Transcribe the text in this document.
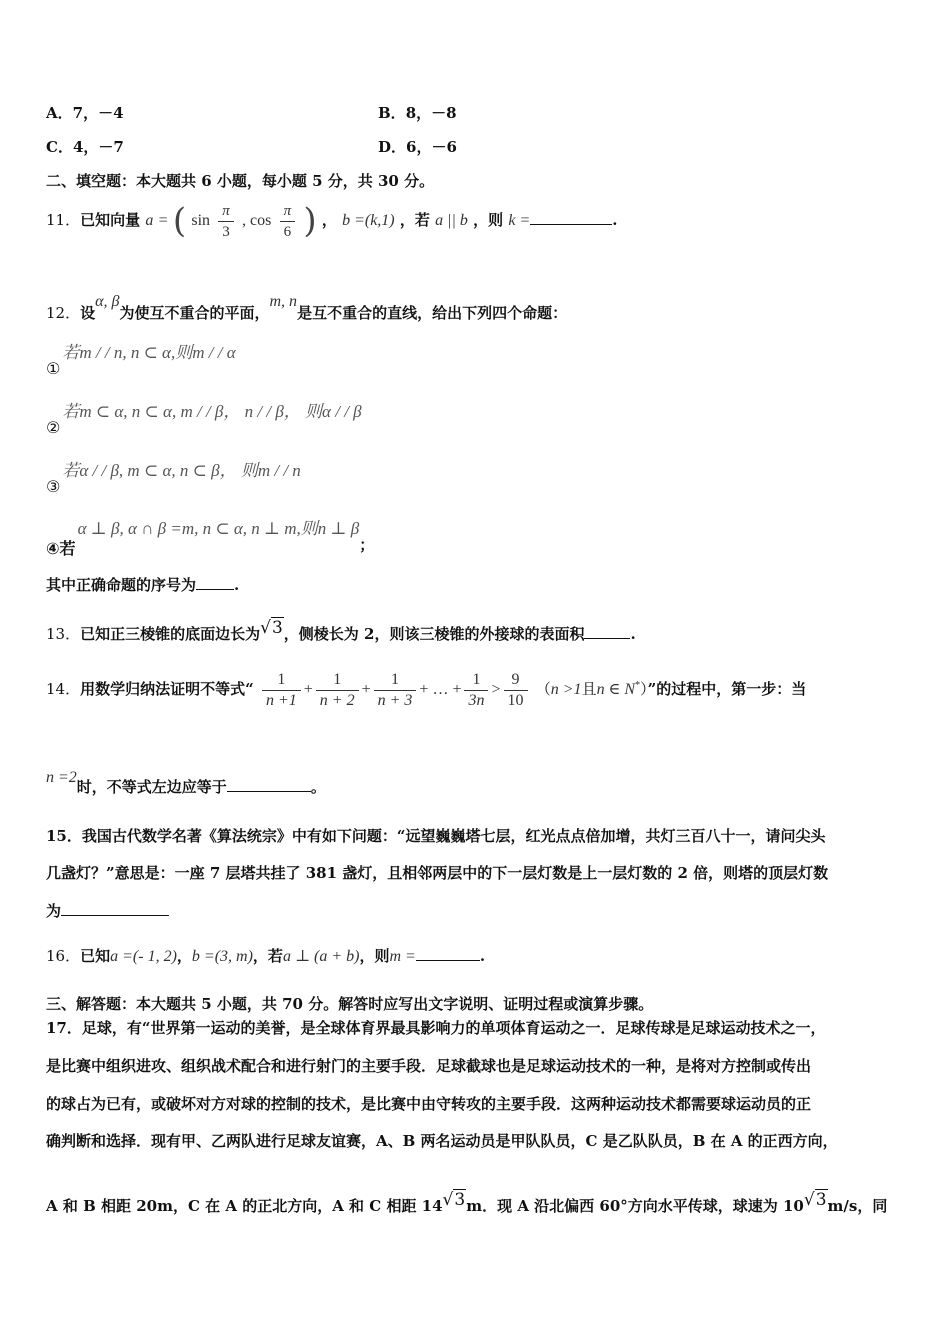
A．7，－4	B．8，－8
C．4，－7	D．6，－6
二、填空题：本大题共 6 小题，每小题 5 分，共 30 分。
11．已知向量 a = ( $\sin \frac{\pi}{3}$ , $\cos \frac{\pi}{6}$ ) ， b =(k,1) ，若 a || b ，则 k =	.
12．设α, β为使互不重合的平面，m, n是互不重合的直线，给出下列四个命题：
①若m / / n, n ⊂ α,则m / / α
②若m ⊂ α, n ⊂ α, m / / β， n / / β， 则α / / β
③若α / / β, m ⊂ α, n ⊂ β， 则m / / n
④若α ⊥ β, α ∩ β =m, n ⊂ α, n ⊥ m,则n ⊥ β；
其中正确命题的序号为	.
13．已知正三棱锥的底面边长为√3，侧棱长为 2，则该三棱锥的外接球的表面积	.
14．用数学归纳法证明不等式“ $\frac{1}{n +1} + \frac{1}{n + 2} + \frac{1}{n + 3}$ + … + $\frac{1}{3n} > \frac{9}{10} (n >1$且n ∈ N*）”的过程中，第一步：当
n =2时，不等式左边应等于	。
15．我国古代数学名著《算法统宗》中有如下问题：“远望巍巍塔七层，红光点点倍加增，共灯三百八十一，请问尖头
几盏灯？”意思是：一座 7 层塔共挂了 381 盏灯，且相邻两层中的下一层灯数是上一层灯数的 2 倍，则塔的顶层灯数
为
16．已知a =(- 1, 2)，b =(3, m)，若a ⊥ (a + b)，则m =	.
三、解答题：本大题共 5 小题，共 70 分。解答时应写出文字说明、证明过程或演算步骤。
17．足球，有“世界第一运动的美誉，是全球体育界最具影响力的单项体育运动之一．足球传球是足球运动技术之一，
是比赛中组织进攻、组织战术配合和进行射门的主要手段．足球截球也是足球运动技术的一种，是将对方控制或传出
的球占为已有，或破坏对方对球的控制的技术，是比赛中由守转攻的主要手段．这两种运动技术都需要球运动员的正
确判断和选择．现有甲、乙两队进行足球友谊赛，A、B 两名运动员是甲队队员，C 是乙队队员，B 在 A 的正西方向，
A 和 B 相距 20m，C 在 A 的正北方向，A 和 C 相距 14√3m．现 A 沿北偏西 60°方向水平传球，球速为 10√3m/s，同
